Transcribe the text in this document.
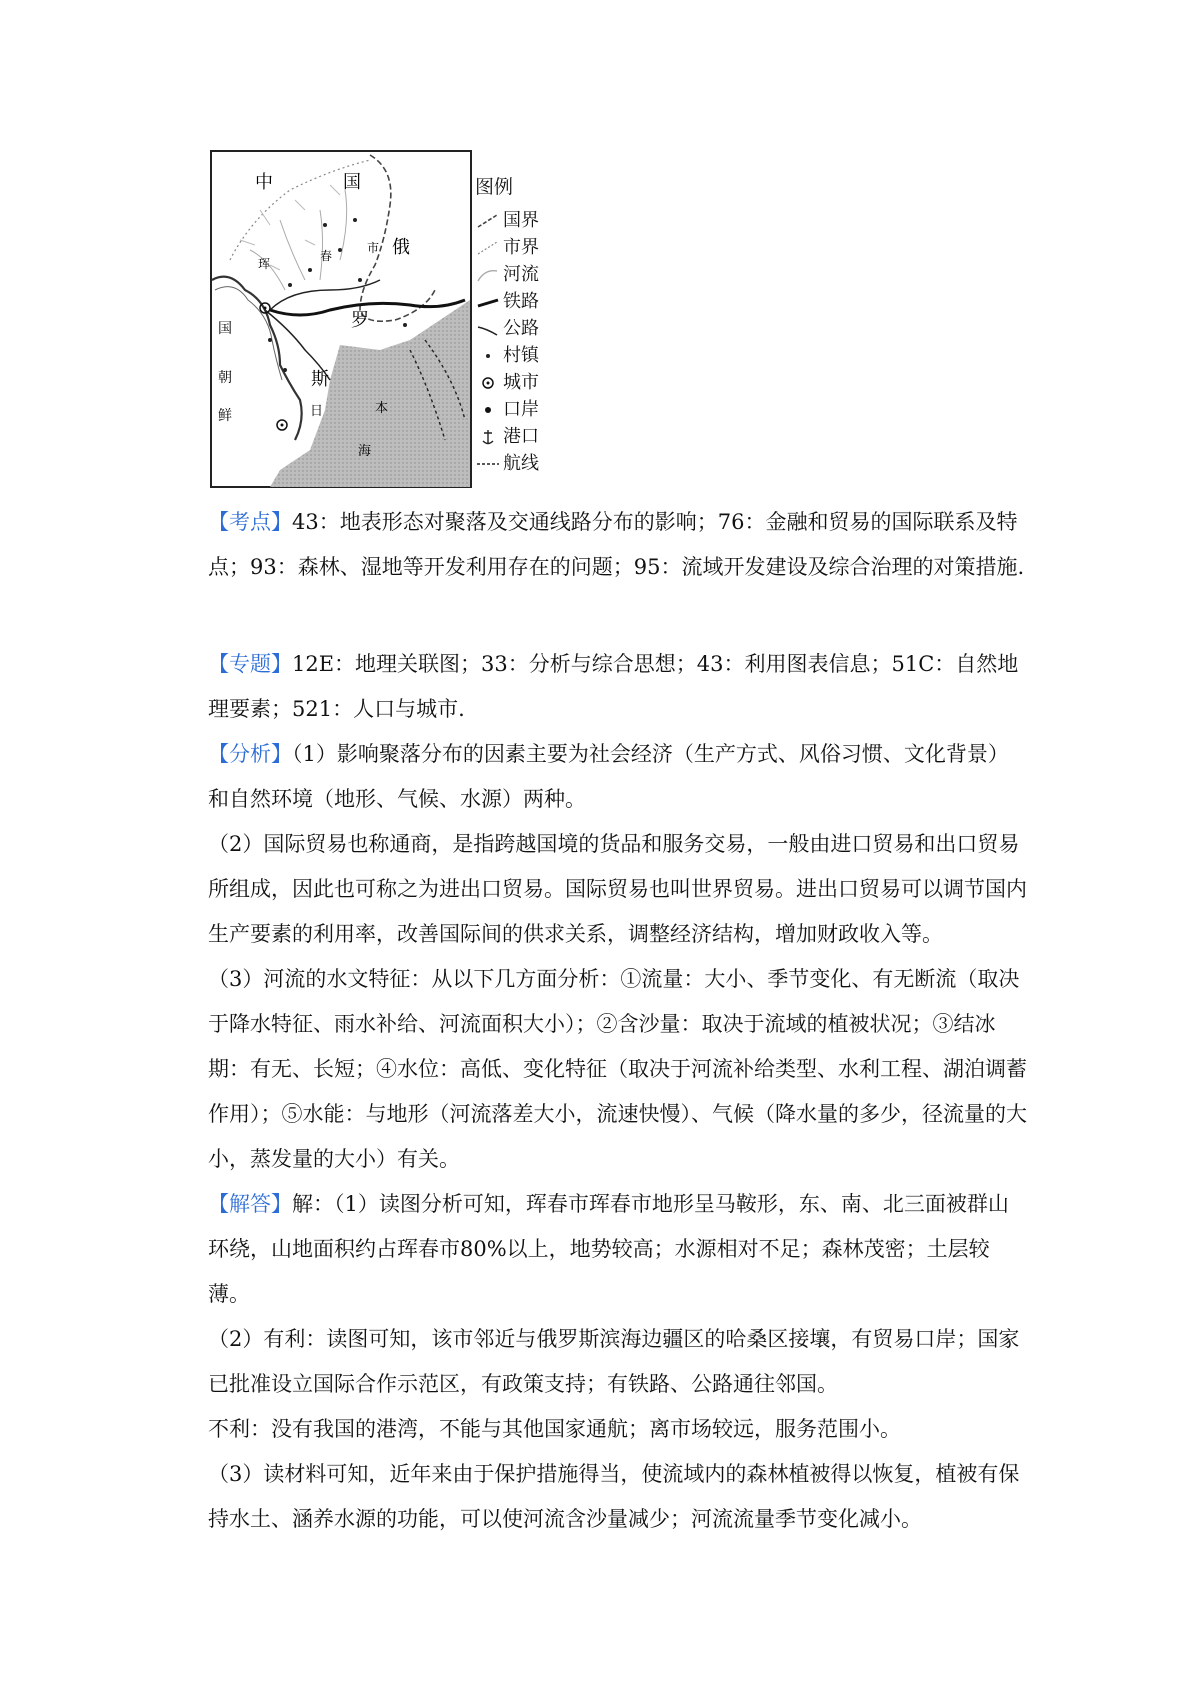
中	国
俄
罗
斯
国
朝
鲜
珲
春
市
日	本
海
图例
国界
市界
河流
铁路
公路
村镇
城市
口岸
港口
航线

【考点】43：地表形态对聚落及交通线路分布的影响；76：金融和贸易的国际联系及特点；93：森林、湿地等开发利用存在的问题；95：流域开发建设及综合治理的对策措施.

【专题】12E：地理关联图；33：分析与综合思想；43：利用图表信息；51C：自然地理要素；521：人口与城市.

【分析】（1）影响聚落分布的因素主要为社会经济（生产方式、风俗习惯、文化背景）和自然环境（地形、气候、水源）两种。

（2）国际贸易也称通商，是指跨越国境的货品和服务交易，一般由进口贸易和出口贸易所组成，因此也可称之为进出口贸易。国际贸易也叫世界贸易。进出口贸易可以调节国内生产要素的利用率，改善国际间的供求关系，调整经济结构，增加财政收入等。

（3）河流的水文特征：从以下几方面分析：①流量：大小、季节变化、有无断流（取决于降水特征、雨水补给、河流面积大小）；②含沙量：取决于流域的植被状况；③结冰期：有无、长短；④水位：高低、变化特征（取决于河流补给类型、水利工程、湖泊调蓄作用）；⑤水能：与地形（河流落差大小，流速快慢）、气候（降水量的多少，径流量的大小，蒸发量的大小）有关。

【解答】解：（1）读图分析可知，珲春市珲春市地形呈马鞍形，东、南、北三面被群山环绕，山地面积约占珲春市80%以上，地势较高；水源相对不足；森林茂密；土层较薄。

（2）有利：读图可知，该市邻近与俄罗斯滨海边疆区的哈桑区接壤，有贸易口岸；国家已批准设立国际合作示范区，有政策支持；有铁路、公路通往邻国。

不利：没有我国的港湾，不能与其他国家通航；离市场较远，服务范围小。

（3）读材料可知，近年来由于保护措施得当，使流域内的森林植被得以恢复，植被有保持水土、涵养水源的功能，可以使河流含沙量减少；河流流量季节变化减小。
